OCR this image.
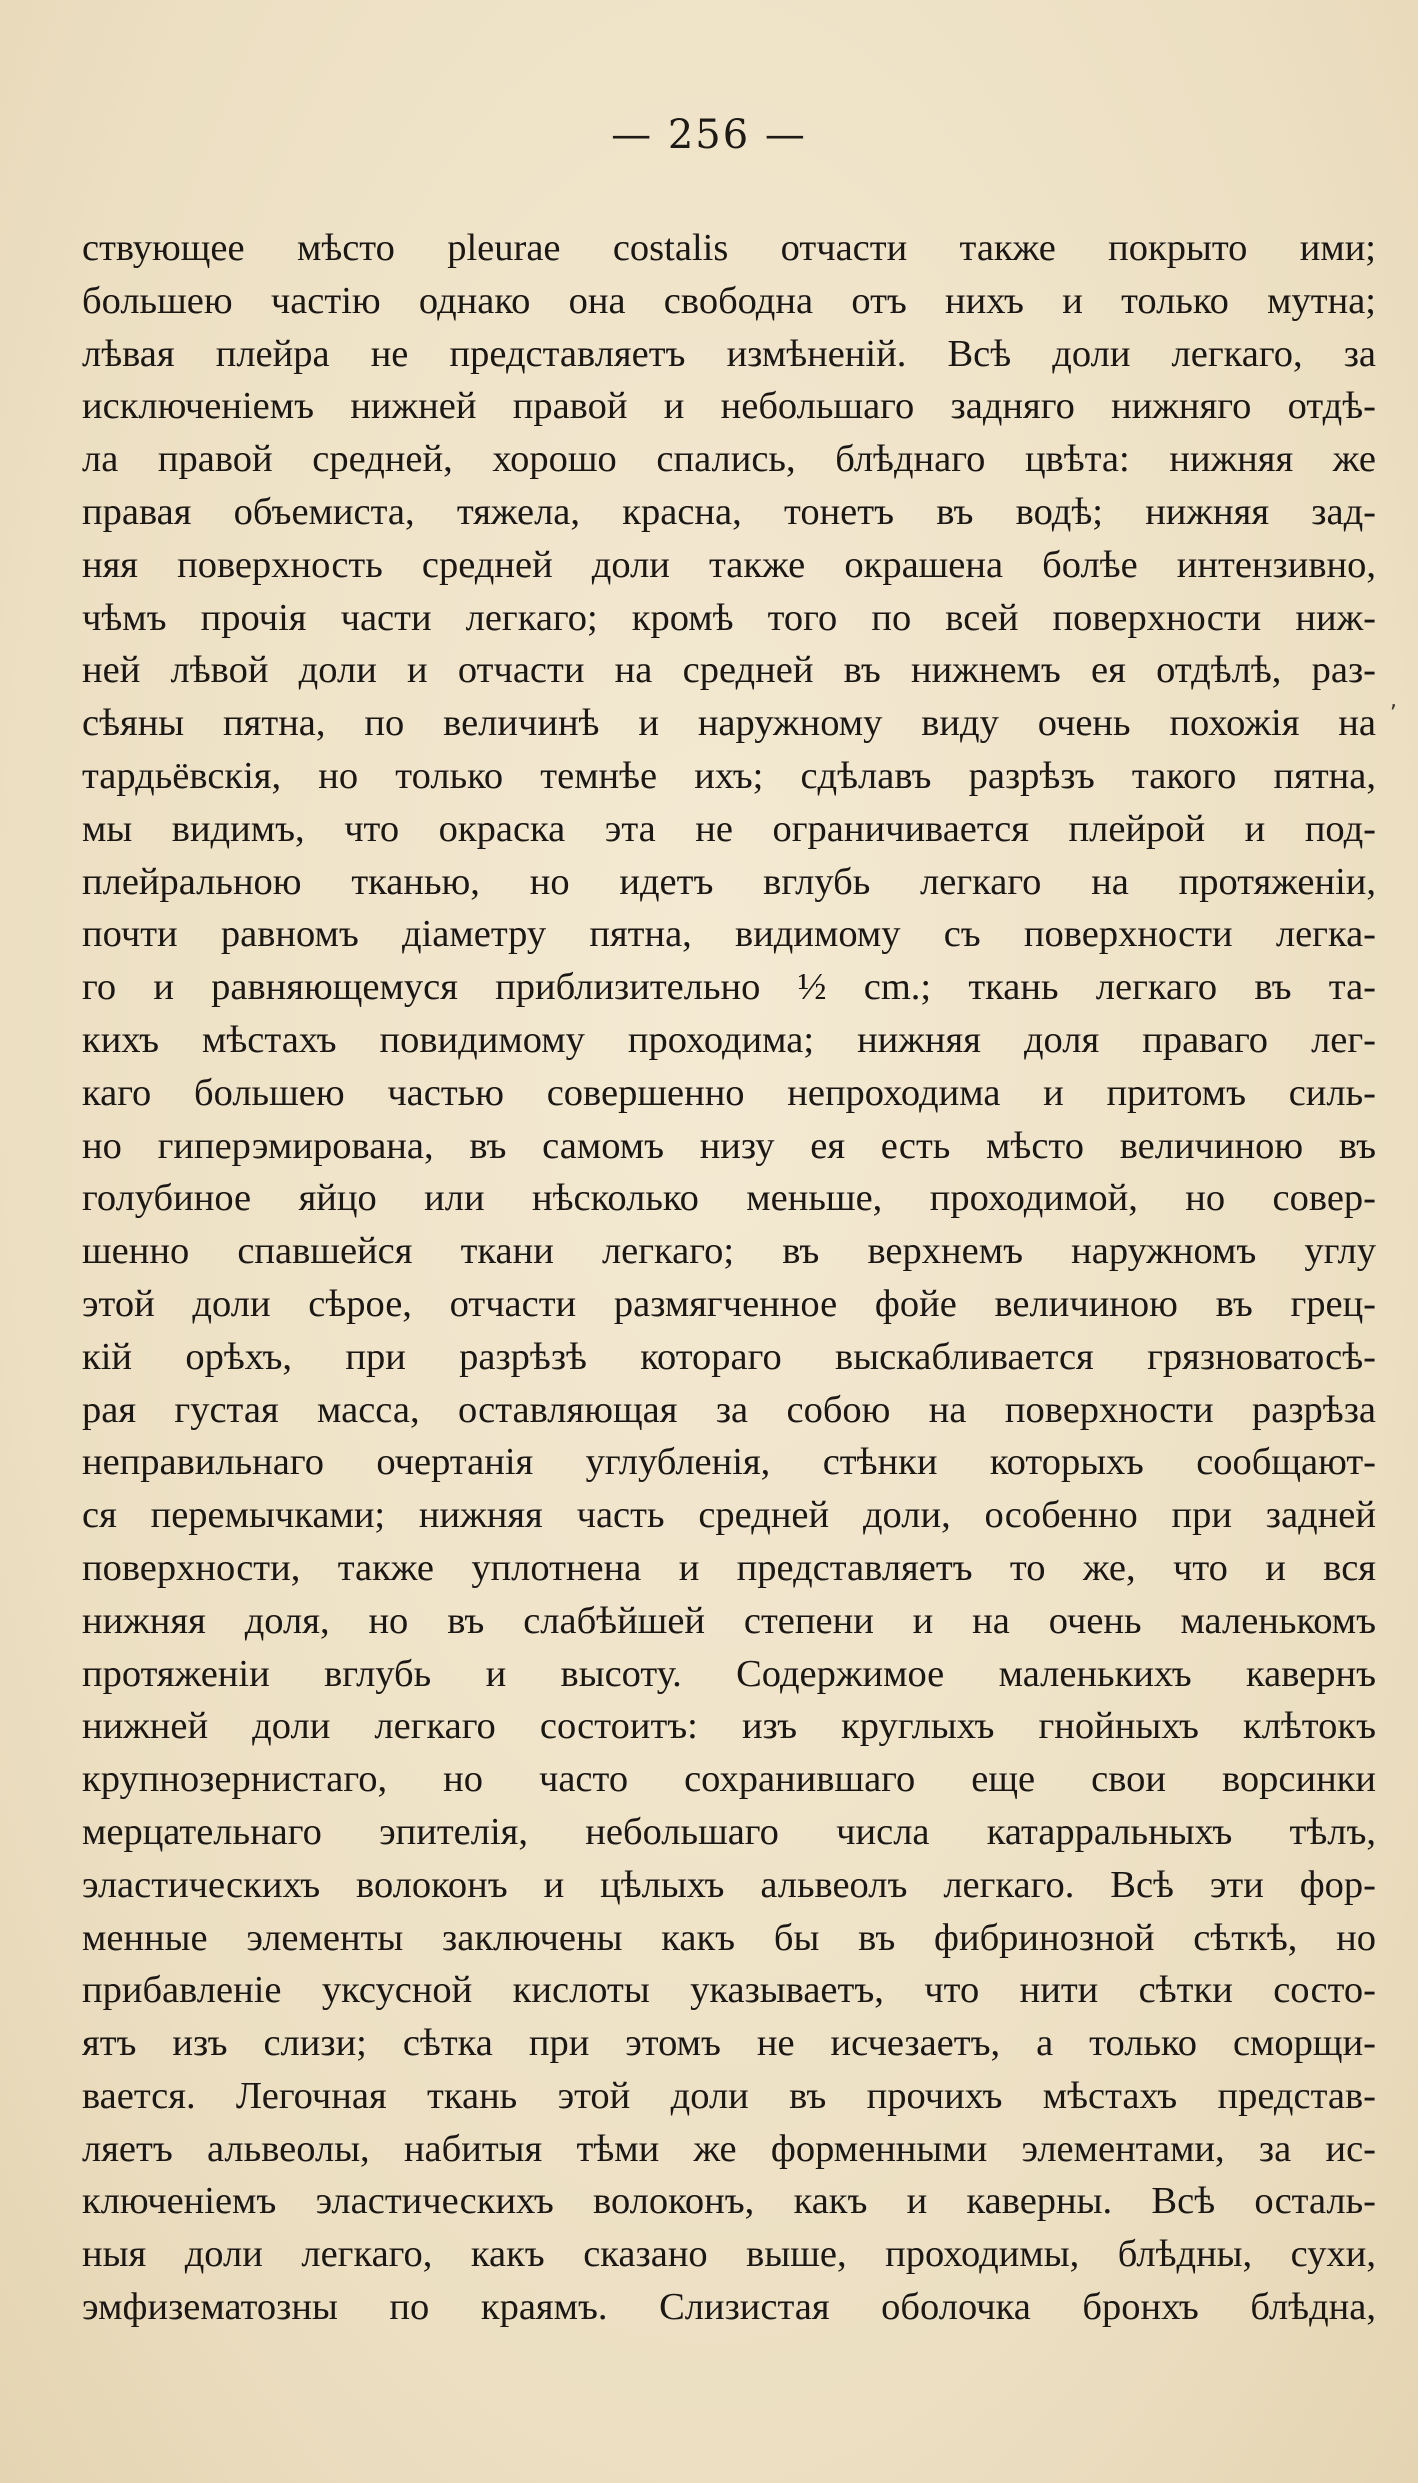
— 256 —
,
ствующее мѣсто pleurae costalis отчасти также покрыто ими;
большею частію однако она свободна отъ нихъ и только мутна;
лѣвая плейра не представляетъ измѣненій. Всѣ доли легкаго, за
исключеніемъ нижней правой и небольшаго задняго нижняго отдѣ-
ла правой средней, хорошо спались, блѣднаго цвѣта: нижняя же
правая объемиста, тяжела, красна, тонетъ въ водѣ; нижняя зад-
няя поверхность средней доли также окрашена болѣе интензивно,
чѣмъ прочія части легкаго; кромѣ того по всей поверхности ниж-
ней лѣвой доли и отчасти на средней въ нижнемъ ея отдѣлѣ, раз-
сѣяны пятна, по величинѣ и наружному виду очень похожія на
тардьёвскія, но только темнѣе ихъ; сдѣлавъ разрѣзъ такого пятна,
мы видимъ, что окраска эта не ограничивается плейрой и под-
плейральною тканью, но идетъ вглубь легкаго на протяженіи,
почти равномъ діаметру пятна, видимому съ поверхности легка-
го и равняющемуся приблизительно ½ cm.; ткань легкаго въ та-
кихъ мѣстахъ повидимому проходима; нижняя доля праваго лег-
каго большею частью совершенно непроходима и притомъ силь-
но гиперэмирована, въ самомъ низу ея есть мѣсто величиною въ
голубиное яйцо или нѣсколько меньше, проходимой, но совер-
шенно спавшейся ткани легкаго; въ верхнемъ наружномъ углу
этой доли сѣрое, отчасти размягченное фойе величиною въ грец-
кій орѣхъ, при разрѣзѣ котораго выскабливается грязноватосѣ-
рая густая масса, оставляющая за собою на поверхности разрѣза
неправильнаго очертанія углубленія, стѣнки которыхъ сообщают-
ся перемычками; нижняя часть средней доли, особенно при задней
поверхности, также уплотнена и представляетъ то же, что и вся
нижняя доля, но въ слабѣйшей степени и на очень маленькомъ
протяженіи вглубь и высоту. Содержимое маленькихъ кавернъ
нижней доли легкаго состоитъ: изъ круглыхъ гнойныхъ клѣтокъ
крупнозернистаго, но часто сохранившаго еще свои ворсинки
мерцательнаго эпителія, небольшаго числа катарральныхъ тѣлъ,
эластическихъ волоконъ и цѣлыхъ альвеолъ легкаго. Всѣ эти фор-
менные элементы заключены какъ бы въ фибринозной сѣткѣ, но
прибавленіе уксусной кислоты указываетъ, что нити сѣтки состо-
ятъ изъ слизи; сѣтка при этомъ не исчезаетъ, а только сморщи-
вается. Легочная ткань этой доли въ прочихъ мѣстахъ представ-
ляетъ альвеолы, набитыя тѣми же форменными элементами, за ис-
ключеніемъ эластическихъ волоконъ, какъ и каверны. Всѣ осталь-
ныя доли легкаго, какъ сказано выше, проходимы, блѣдны, сухи,
эмфизематозны по краямъ. Слизистая оболочка бронхъ блѣдна,
